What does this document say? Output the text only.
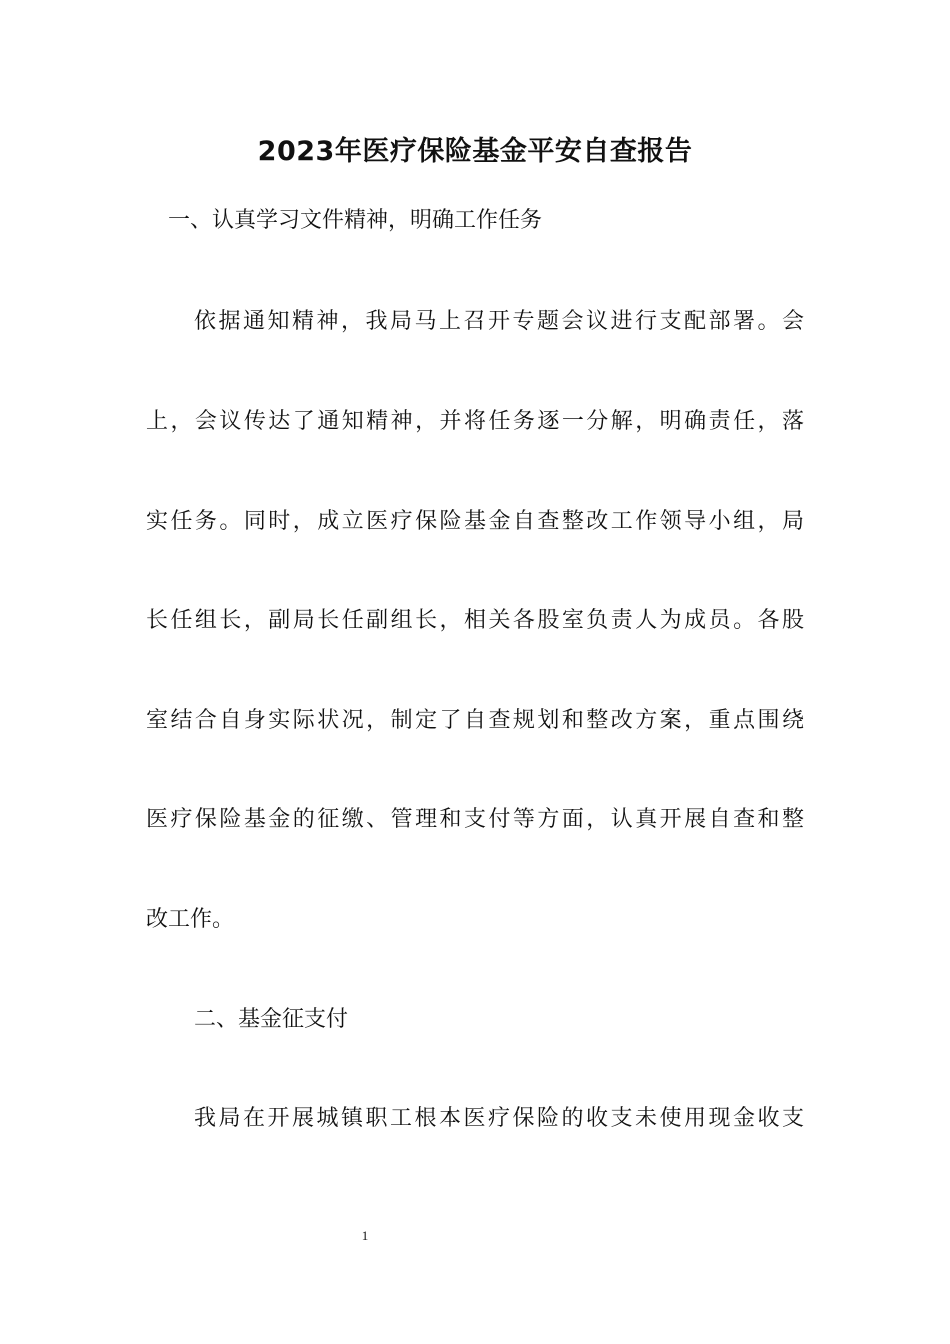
2023年医疗保险基金平安自查报告
一、认真学习文件精神，明确工作任务
依据通知精神，我局马上召开专题会议进行支配部署。会
上，会议传达了通知精神，并将任务逐一分解，明确责任，落
实任务。同时，成立医疗保险基金自查整改工作领导小组，局
长任组长，副局长任副组长，相关各股室负责人为成员。各股
室结合自身实际状况，制定了自查规划和整改方案，重点围绕
医疗保险基金的征缴、管理和支付等方面，认真开展自查和整
改工作。
二、基金征支付
我局在开展城镇职工根本医疗保险的收支未使用现金收支
1
